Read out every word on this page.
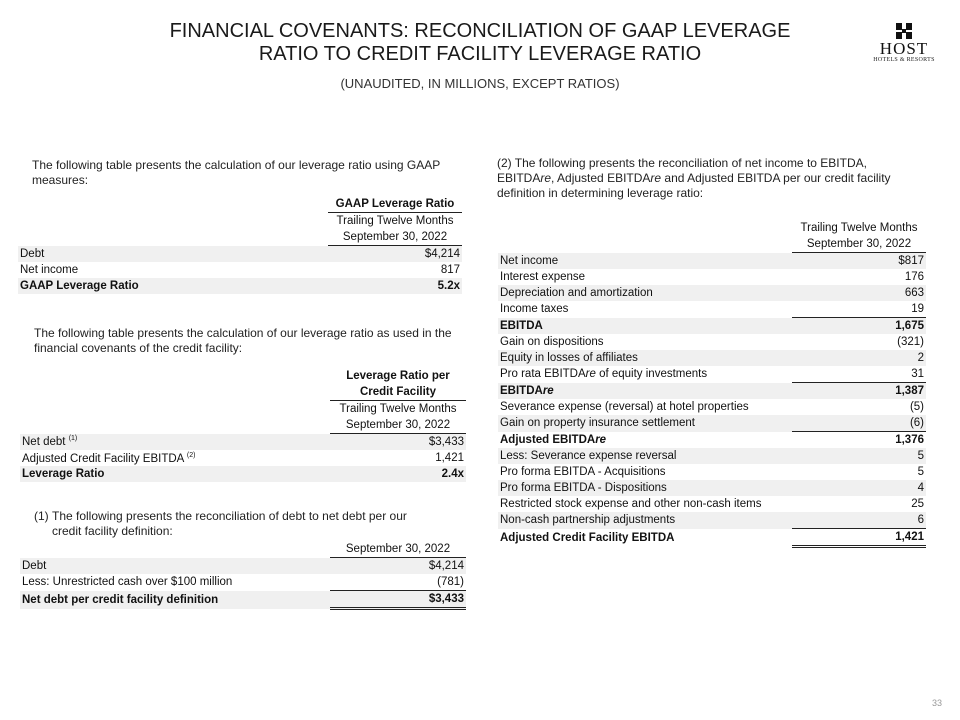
FINANCIAL COVENANTS: RECONCILIATION OF GAAP LEVERAGE
RATIO TO CREDIT FACILITY LEVERAGE RATIO
(UNAUDITED, IN MILLIONS, EXCEPT RATIOS)
HOST
HOTELS & RESORTS
The following table presents the calculation of our leverage ratio using GAAP measures:
	GAAP Leverage Ratio
	Trailing Twelve Months
	September 30, 2022
Debt	$4,214
Net income	817
GAAP Leverage Ratio	5.2x
The following table presents the calculation of our leverage ratio as used in the financial covenants of the credit facility:
	Leverage Ratio per
	Credit Facility
	Trailing Twelve Months
	September 30, 2022
Net debt $^{(1)}$	$3,433
Adjusted Credit Facility EBITDA $^{(2)}$	1,421
Leverage Ratio	2.4x
(1) The following presents the reconciliation of debt to net debt per our credit facility definition:
	September 30, 2022
Debt	$4,214
Less: Unrestricted cash over $100 million	(781)
Net debt per credit facility definition	$3,433
(2) The following presents the reconciliation of net income to EBITDA, EBITDAre, Adjusted EBITDAre and Adjusted EBITDA per our credit facility definition in determining leverage ratio:
	Trailing Twelve Months
	September 30, 2022
Net income	$817
Interest expense	176
Depreciation and amortization	663
Income taxes	19
EBITDA	1,675
Gain on dispositions	(321)
Equity in losses of affiliates	2
Pro rata EBITDAre of equity investments	31
EBITDAre	1,387
Severance expense (reversal) at hotel properties	(5)
Gain on property insurance settlement	(6)
Adjusted EBITDAre	1,376
Less: Severance expense reversal	5
Pro forma EBITDA - Acquisitions	5
Pro forma EBITDA - Dispositions	4
Restricted stock expense and other non-cash items	25
Non-cash partnership adjustments	6
Adjusted Credit Facility EBITDA	1,421
33
